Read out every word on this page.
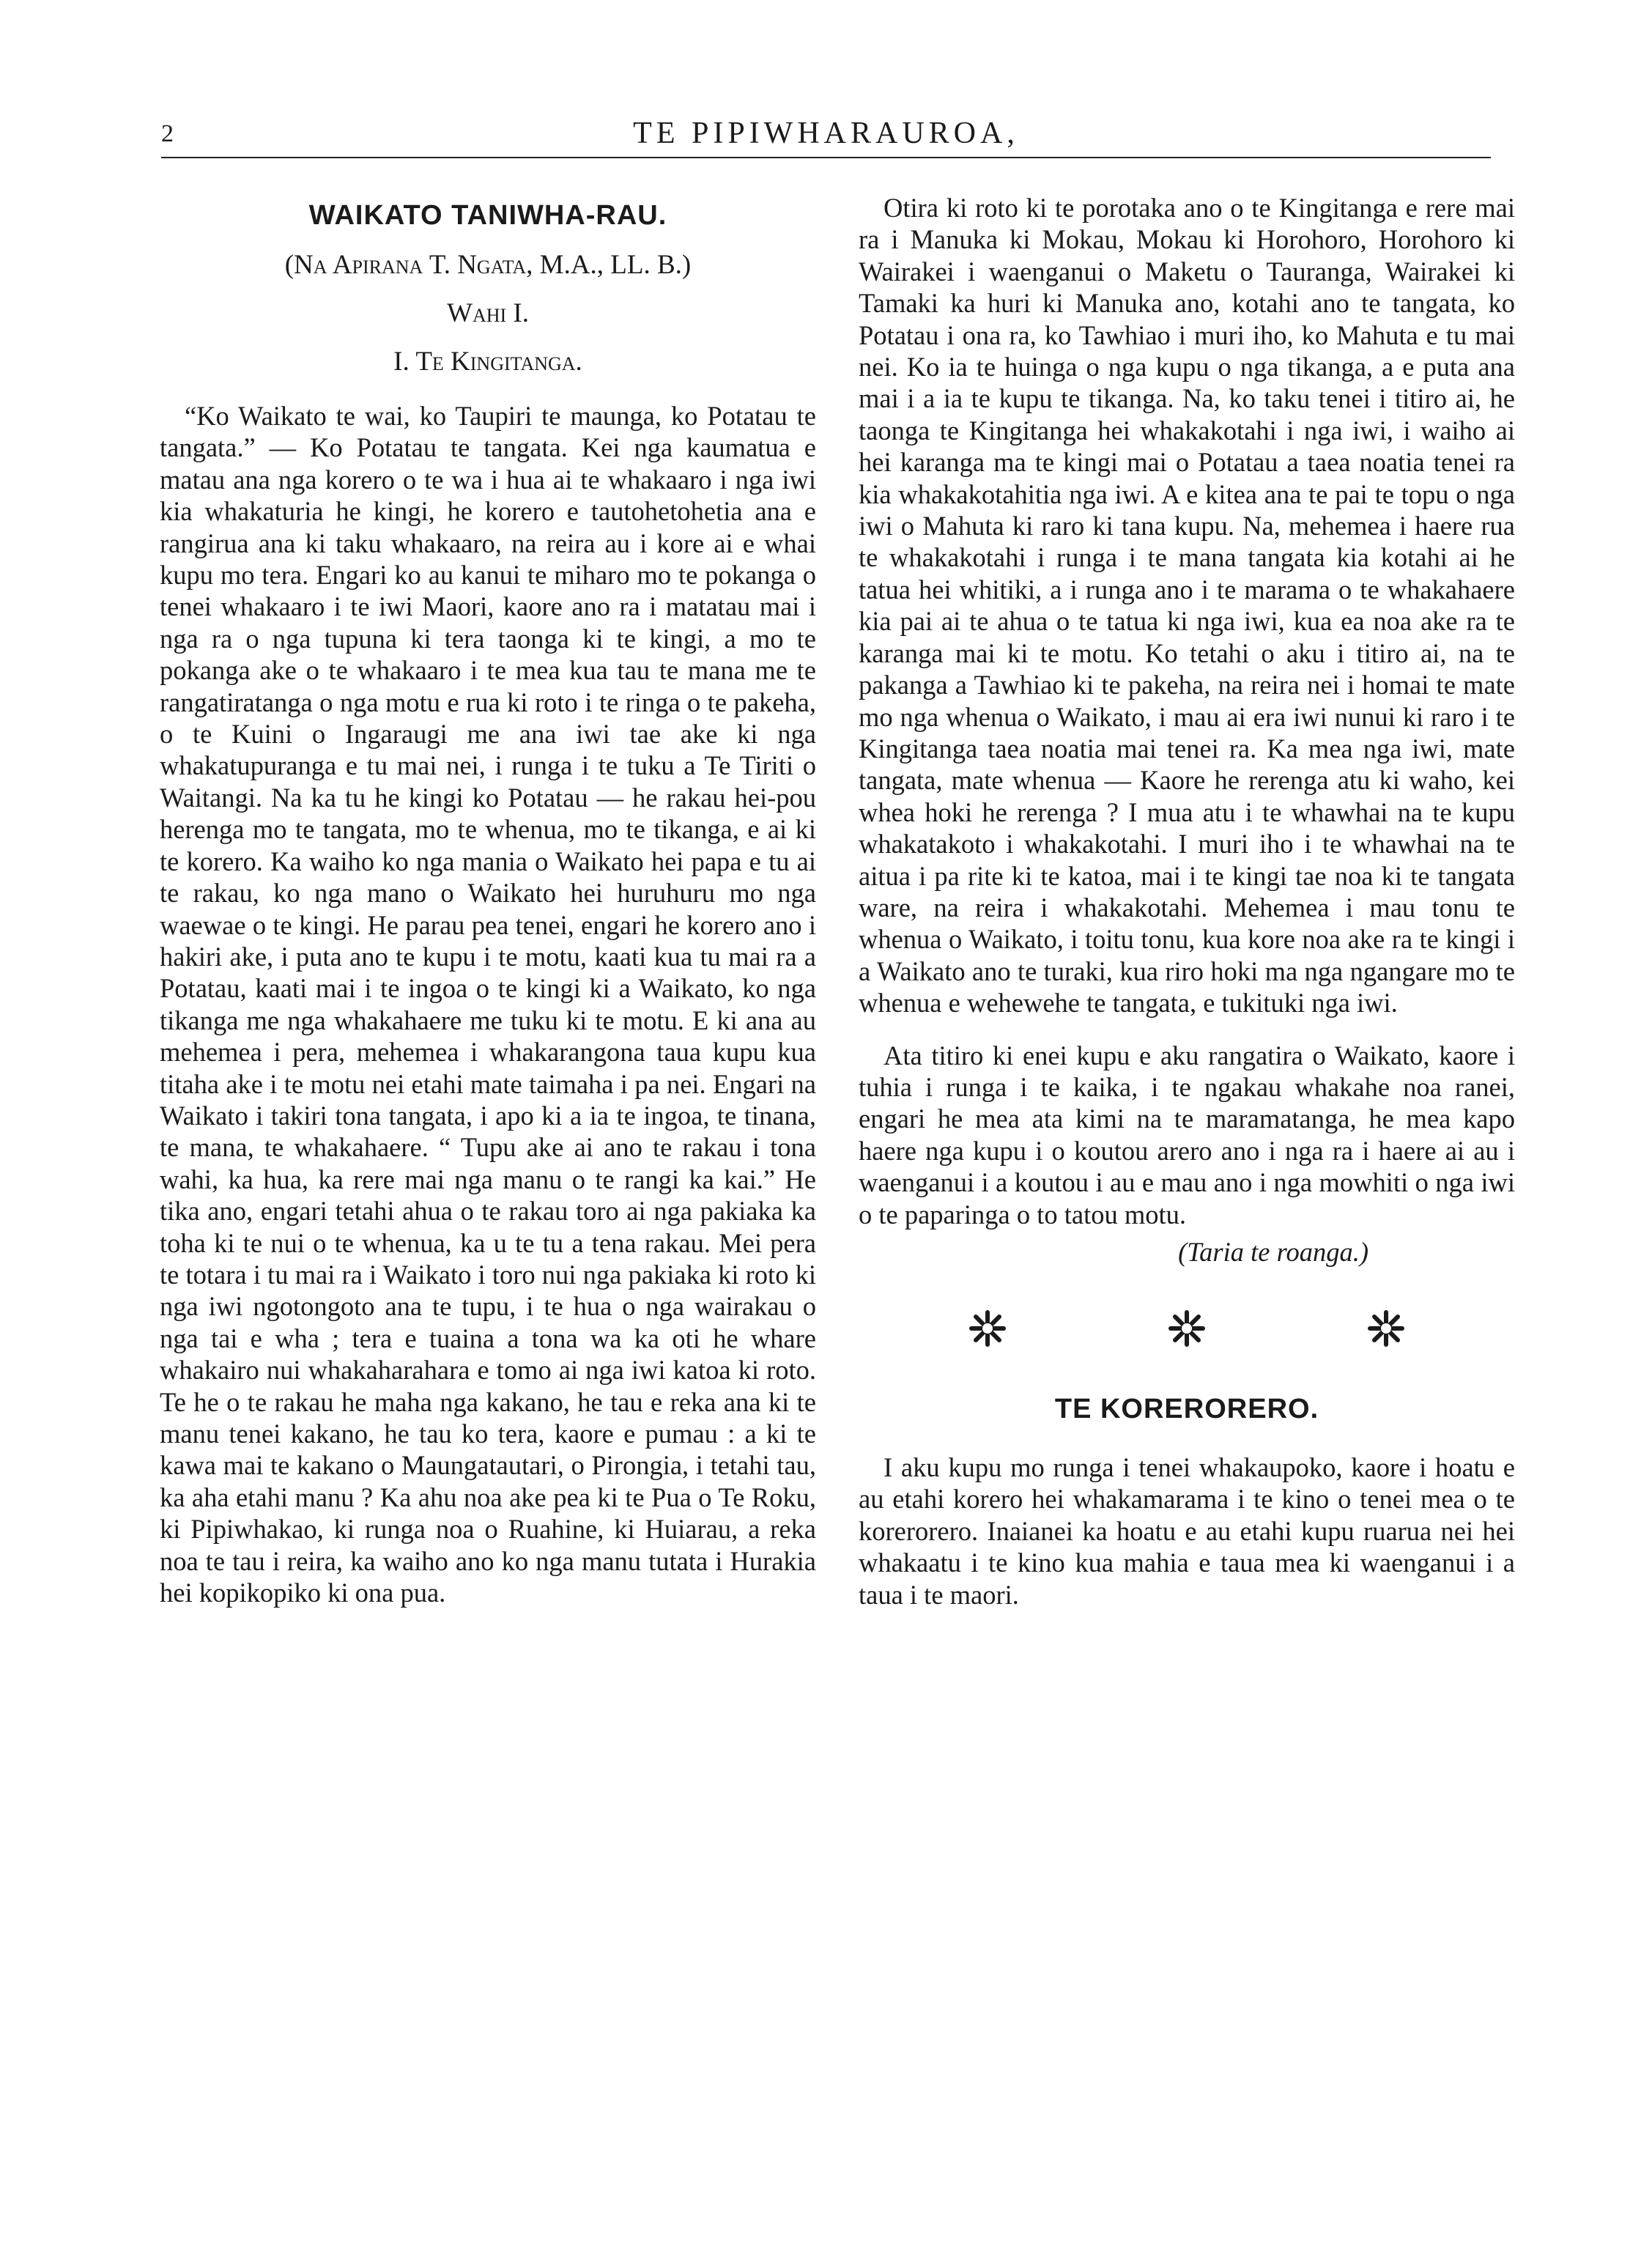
2	TE PIPIWHARAUROA,
WAIKATO TANIWHA-RAU.
(Na Apirana T. Ngata, M.A., LL. B.)
Wahi I.
I. Te Kingitanga.

“Ko Waikato te wai, ko Taupiri te maunga, ko Potatau te tangata.” — Ko Potatau te tangata. Kei nga kaumatua e matau ana nga korero o te wa i hua ai te whakaaro i nga iwi kia whakaturia he kingi, he korero e tautohetohetia ana e rangirua ana ki taku whakaaro, na reira au i kore ai e whai kupu mo tera. Engari ko au kanui te miharo mo te pokanga o tenei whakaaro i te iwi Maori, kaore ano ra i matatau mai i nga ra o nga tupuna ki tera taonga ki te kingi, a mo te pokanga ake o te whakaaro i te mea kua tau te mana me te rangatiratanga o nga motu e rua ki roto i te ringa o te pakeha, o te Kuini o Ingaraugi me ana iwi tae ake ki nga whakatupuranga e tu mai nei, i runga i te tuku a Te Tiriti o Waitangi. Na ka tu he kingi ko Potatau — he rakau hei-pou herenga mo te tangata, mo te whenua, mo te tikanga, e ai ki te korero. Ka waiho ko nga mania o Waikato hei papa e tu ai te rakau, ko nga mano o Waikato hei huruhuru mo nga waewae o te kingi. He parau pea tenei, engari he korero ano i hakiri ake, i puta ano te kupu i te motu, kaati kua tu mai ra a Potatau, kaati mai i te ingoa o te kingi ki a Waikato, ko nga tikanga me nga whakahaere me tuku ki te motu. E ki ana au mehemea i pera, mehemea i whakarangona taua kupu kua titaha ake i te motu nei etahi mate taimaha i pa nei. Engari na Waikato i takiri tona tangata, i apo ki a ia te ingoa, te tinana, te mana, te whakahaere. “ Tupu ake ai ano te rakau i tona wahi, ka hua, ka rere mai nga manu o te rangi ka kai.” He tika ano, engari tetahi ahua o te rakau toro ai nga pakiaka ka toha ki te nui o te whenua, ka u te tu a tena rakau. Mei pera te totara i tu mai ra i Waikato i toro nui nga pakiaka ki roto ki nga iwi ngotongoto ana te tupu, i te hua o nga wairakau o nga tai e wha ; tera e tuaina a tona wa ka oti he whare whakairo nui whakaharahara e tomo ai nga iwi katoa ki roto. Te he o te rakau he maha nga kakano, he tau e reka ana ki te manu tenei kakano, he tau ko tera, kaore e pumau : a ki te kawa mai te kakano o Maungatautari, o Pirongia, i tetahi tau, ka aha etahi manu ? Ka ahu noa ake pea ki te Pua o Te Roku, ki Pipiwhakao, ki runga noa o Ruahine, ki Huiarau, a reka noa te tau i reira, ka waiho ano ko nga manu tutata i Hurakia hei kopikopiko ki ona pua.

Otira ki roto ki te porotaka ano o te Kingitanga e rere mai ra i Manuka ki Mokau, Mokau ki Horohoro, Horohoro ki Wairakei i waenganui o Maketu o Tauranga, Wairakei ki Tamaki ka huri ki Manuka ano, kotahi ano te tangata, ko Potatau i ona ra, ko Tawhiao i muri iho, ko Mahuta e tu mai nei. Ko ia te huinga o nga kupu o nga tikanga, a e puta ana mai i a ia te kupu te tikanga. Na, ko taku tenei i titiro ai, he taonga te Kingitanga hei whakakotahi i nga iwi, i waiho ai hei karanga ma te kingi mai o Potatau a taea noatia tenei ra kia whakakotahitia nga iwi. A e kitea ana te pai te topu o nga iwi o Mahuta ki raro ki tana kupu. Na, mehemea i haere rua te whakakotahi i runga i te mana tangata kia kotahi ai he tatua hei whitiki, a i runga ano i te marama o te whakahaere kia pai ai te ahua o te tatua ki nga iwi, kua ea noa ake ra te karanga mai ki te motu. Ko tetahi o aku i titiro ai, na te pakanga a Tawhiao ki te pakeha, na reira nei i homai te mate mo nga whenua o Waikato, i mau ai era iwi nunui ki raro i te Kingitanga taea noatia mai tenei ra. Ka mea nga iwi, mate tangata, mate whenua — Kaore he rerenga atu ki waho, kei whea hoki he rerenga ? I mua atu i te whawhai na te kupu whakatakoto i whakakotahi. I muri iho i te whawhai na te aitua i pa rite ki te katoa, mai i te kingi tae noa ki te tangata ware, na reira i whakakotahi. Mehemea i mau tonu te whenua o Waikato, i toitu tonu, kua kore noa ake ra te kingi i a Waikato ano te turaki, kua riro hoki ma nga ngangare mo te whenua e wehewehe te tangata, e tukituki nga iwi.

Ata titiro ki enei kupu e aku rangatira o Waikato, kaore i tuhia i runga i te kaika, i te ngakau whakahe noa ranei, engari he mea ata kimi na te maramatanga, he mea kapo haere nga kupu i o koutou arero ano i nga ra i haere ai au i waenganui i a koutou i au e mau ano i nga mowhiti o nga iwi o te paparinga o to tatou motu.

(Taria te roanga.)
TE KORERORERO.

I aku kupu mo runga i tenei whakaupoko, kaore i hoatu e au etahi korero hei whakamarama i te kino o tenei mea o te korerorero. Inaianei ka hoatu e au etahi kupu ruarua nei hei whakaatu i te kino kua mahia e taua mea ki waenganui i a taua i te maori.
